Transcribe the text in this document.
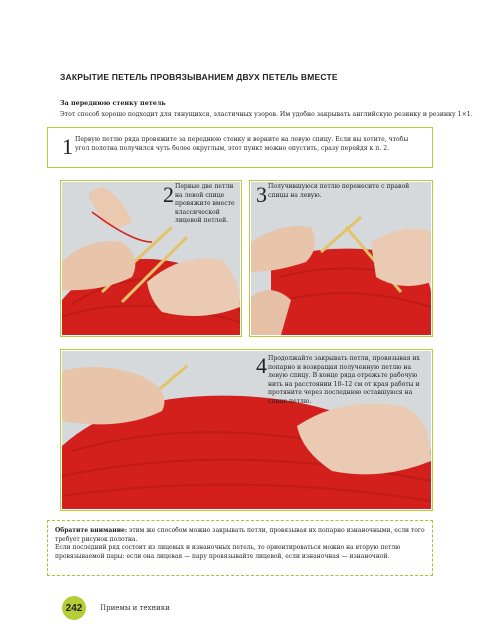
ЗАКРЫТИЕ ПЕТЕЛЬ ПРОВЯЗЫВАНИЕМ ДВУХ ПЕТЕЛЬ ВМЕСТЕ
За переднюю стенку петель
Этот способ хорошо подходит для тянущихся, эластичных узоров. Им удобно закрывать английскую резинку и резинку 1×1.
1 Первую петлю ряда провяжите за переднюю стенку и верните на левую спицу. Если вы хотите, чтобы угол полотна получился чуть более округлым, этот пункт можно опустить, сразу перейдя к п. 2.
2 Первые две петли на левой спице провяжите вместе классической лицевой петлей.
3 Получившуюся петлю перенесите с правой спицы на левую.
4 Продолжайте закрывать петли, провязывая их попарно и возвращая полученную петлю на левую спицу. В конце ряда отрежьте рабочую нить на расстоянии 10–12 см от края работы и протяните через последнюю оставшуюся на спице петлю.
Обратите внимание: этим же способом можно закрывать петли, провязывая их попарно изнаночными, если того требует рисунок полотна.
Если последний ряд состоит из лицевых и изнаночных петель, то ориентироваться можно на вторую петлю провязываемой пары: если она лицевая — пару провязывайте лицевой, если изнаночная — изнаночной.
242	Приемы и техники
